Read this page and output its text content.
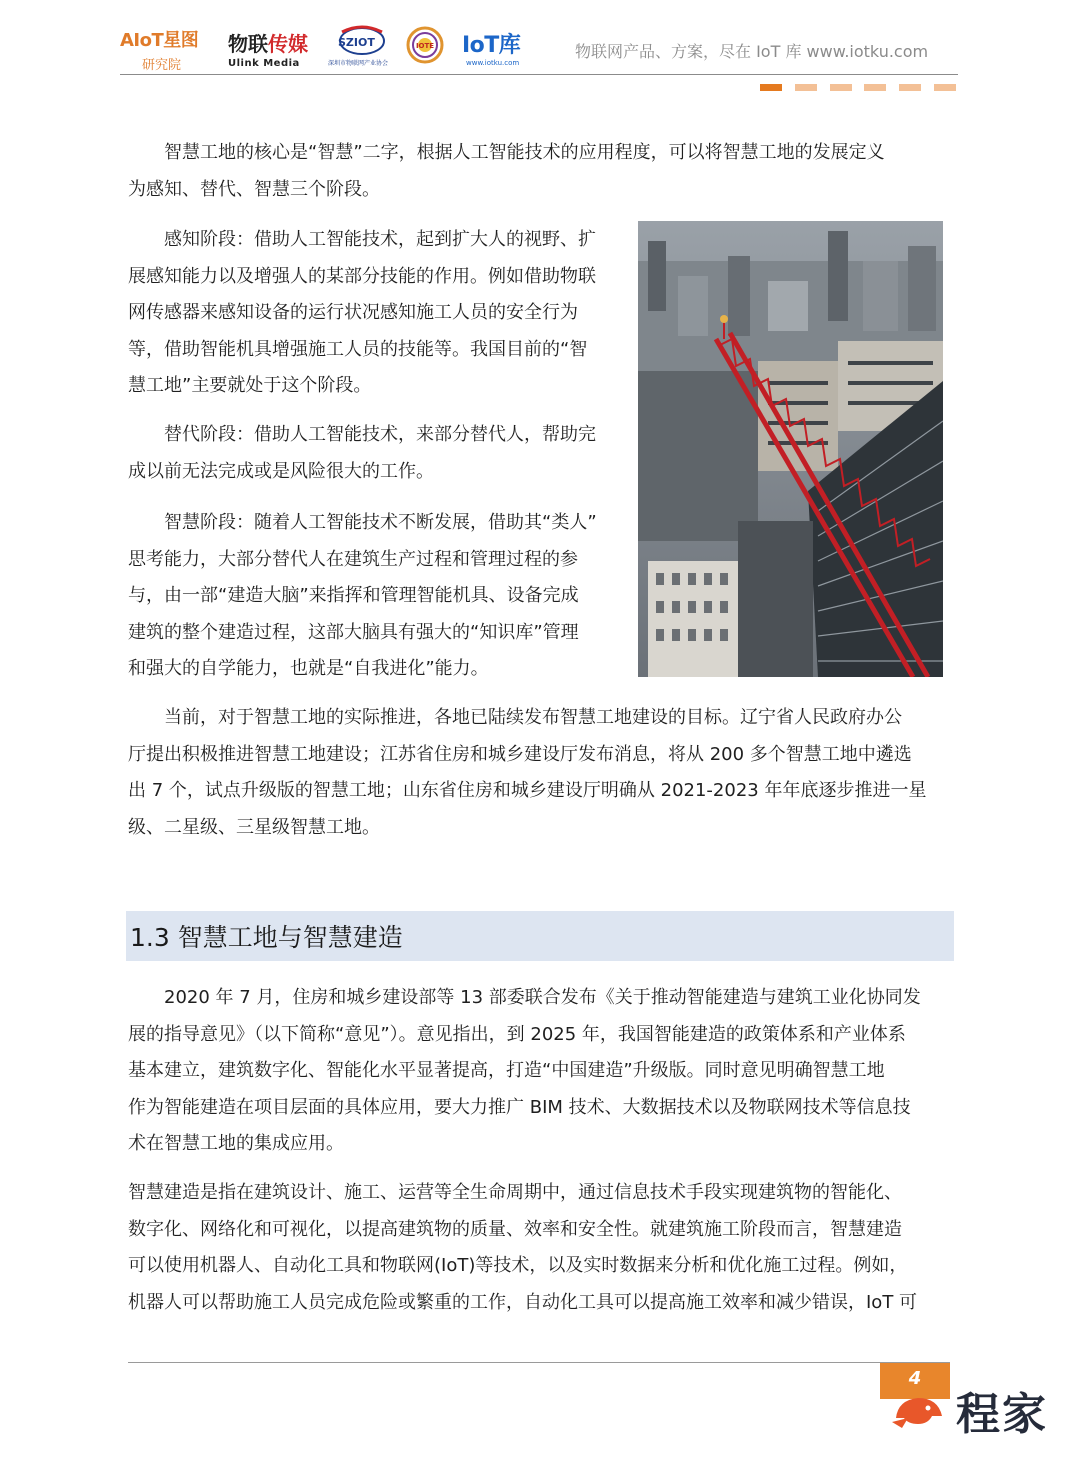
AIoT星图
研究院
物联传媒
Ulink Media
SZIOT
深圳市物联网产业协会
IOTE IoT库
www.iotku.com
物联网产品、方案，尽在 IoT 库 www.iotku.com
智慧工地的核心是“智慧”二字，根据人工智能技术的应用程度，可以将智慧工地的发展定义
为感知、替代、智慧三个阶段。
感知阶段：借助人工智能技术，起到扩大人的视野、扩
展感知能力以及增强人的某部分技能的作用。例如借助物联
网传感器来感知设备的运行状况感知施工人员的安全行为
等，借助智能机具增强施工人员的技能等。我国目前的“智
慧工地”主要就处于这个阶段。
替代阶段：借助人工智能技术，来部分替代人，帮助完
成以前无法完成或是风险很大的工作。
智慧阶段：随着人工智能技术不断发展，借助其“类人”
思考能力，大部分替代人在建筑生产过程和管理过程的参
与，由一部“建造大脑”来指挥和管理智能机具、设备完成
建筑的整个建造过程，这部大脑具有强大的“知识库”管理
和强大的自学能力，也就是“自我进化”能力。
当前，对于智慧工地的实际推进，各地已陆续发布智慧工地建设的目标。辽宁省人民政府办公
厅提出积极推进智慧工地建设；江苏省住房和城乡建设厅发布消息，将从 200 多个智慧工地中遴选
出 7 个，试点升级版的智慧工地；山东省住房和城乡建设厅明确从 2021-2023 年年底逐步推进一星
级、二星级、三星级智慧工地。
1.3 智慧工地与智慧建造
2020 年 7 月，住房和城乡建设部等 13 部委联合发布《关于推动智能建造与建筑工业化协同发
展的指导意见》（以下简称“意见”）。意见指出，到 2025 年，我国智能建造的政策体系和产业体系
基本建立，建筑数字化、智能化水平显著提高，打造“中国建造”升级版。同时意见明确智慧工地
作为智能建造在项目层面的具体应用，要大力推广 BIM 技术、大数据技术以及物联网技术等信息技
术在智慧工地的集成应用。
智慧建造是指在建筑设计、施工、运营等全生命周期中，通过信息技术手段实现建筑物的智能化、
数字化、网络化和可视化，以提高建筑物的质量、效率和安全性。就建筑施工阶段而言，智慧建造
可以使用机器人、自动化工具和物联网(IoT)等技术，以及实时数据来分析和优化施工过程。例如，
机器人可以帮助施工人员完成危险或繁重的工作，自动化工具可以提高施工效率和减少错误，IoT 可
4
程家
